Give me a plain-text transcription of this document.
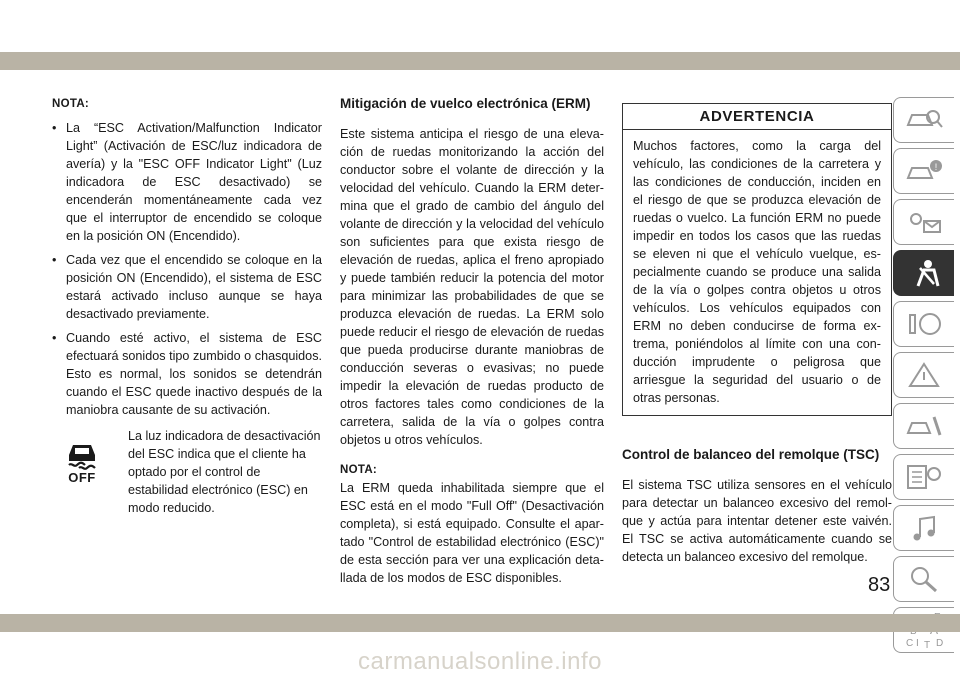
NOTA:

• La “ESC Activation/Malfunction Indicator Light” (Activación de ESC/luz indicadora de avería) y la "ESC OFF Indicator Light" (Luz indicadora de ESC desactivado) se encenderán momentáneamente cada vez que el interruptor de encendido se coloque en la posición ON (Encendido).
• Cada vez que el encendido se coloque en la posición ON (Encendido), el sistema de ESC estará activado incluso aunque se haya desactivado previamente.
• Cuando esté activo, el sistema de ESC efectuará sonidos tipo zumbido o chasquidos. Esto es normal, los sonidos se detendrán cuando el ESC quede inactivo después de la maniobra causante de su activación.
OFF
La luz indicadora de desactivación del ESC indica que el cliente ha optado por el control de estabilidad electrónico (ESC) en modo reducido.
Mitigación de vuelco electrónica (ERM)

Este sistema anticipa el riesgo de una elevación de ruedas monitorizando la acción del conductor sobre el volante de dirección y la velocidad del vehículo. Cuando la ERM determina que el grado de cambio del ángulo del volante de dirección y la velocidad del vehículo son suficientes para que exista riesgo de elevación de ruedas, aplica el freno apropiado y puede también reducir la potencia del motor para minimizar las probabilidades de que se produzca elevación de ruedas. La ERM solo puede reducir el riesgo de elevación de ruedas que pueda producirse durante maniobras de conducción severas o evasivas; no puede impedir la elevación de ruedas producto de otros factores tales como condiciones de la carretera, salida de la vía o golpes contra objetos u otros vehículos.

NOTA:

La ERM queda inhabilitada siempre que el ESC está en el modo "Full Off" (Desactivación completa), si está equipado. Consulte el apartado "Control de estabilidad electrónico (ESC)" de esta sección para ver una explicación detallada de los modos de ESC disponibles.

ADVERTENCIA
Muchos factores, como la carga del vehículo, las condiciones de la carretera y las condiciones de conducción, inciden en el riesgo de que se produzca elevación de ruedas o vuelco. La función ERM no puede impedir en todos los casos que las ruedas se eleven ni que el vehículo vuelque, especialmente cuando se produce una salida de la vía o golpes contra objetos u otros vehículos. Los vehículos equipados con ERM no deben conducirse de forma extrema, poniéndolos al límite con una conducción imprudente o peligrosa que arriesgue la seguridad del usuario o de otras personas.
Control de balanceo del remolque (TSC)

El sistema TSC utiliza sensores en el vehículo para detectar un balanceo excesivo del remolque y actúa para intentar detener este vaivén. El TSC se activa automáticamente cuando se detecta un balanceo excesivo del remolque.

!
C I T D
83
carmanualsonline.info
